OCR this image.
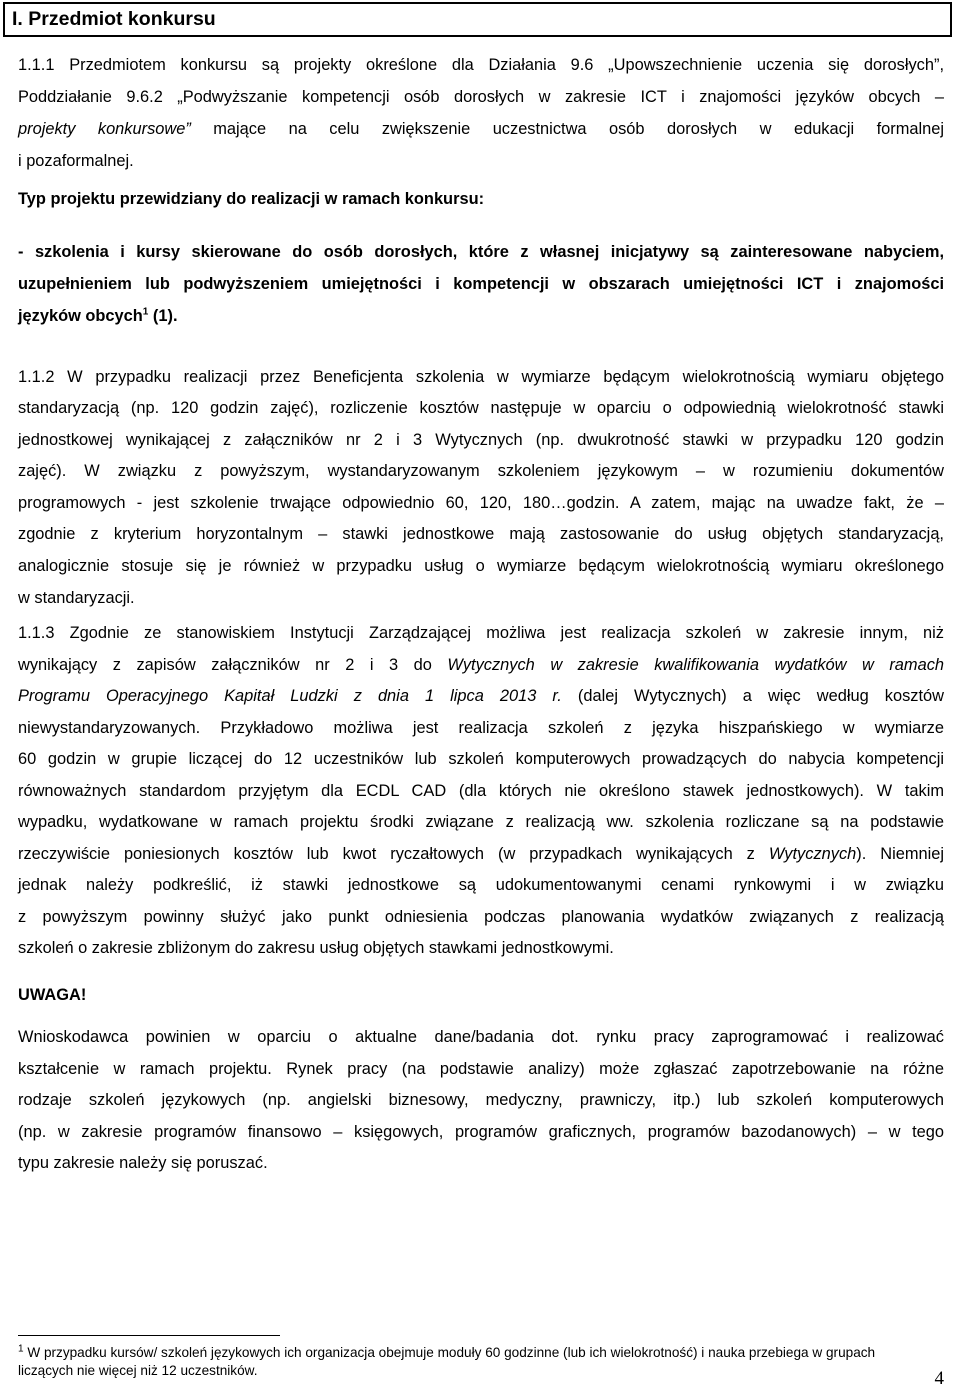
I. Przedmiot konkursu
1.1.1 Przedmiotem konkursu są projekty określone dla Działania 9.6 „Upowszechnienie uczenia się dorosłych”,
Poddziałanie 9.6.2 „Podwyższanie kompetencji osób dorosłych w zakresie ICT i znajomości języków obcych –
projekty konkursowe” mające na celu zwiększenie uczestnictwa osób dorosłych w edukacji formalnej
i pozaformalnej.
Typ projektu przewidziany do realizacji w ramach konkursu:
- szkolenia i kursy skierowane do osób dorosłych, które z własnej inicjatywy są zainteresowane nabyciem,
uzupełnieniem lub podwyższeniem umiejętności i kompetencji w obszarach umiejętności ICT i znajomości
języków obcych$^1$ (1).
1.1.2 W przypadku realizacji przez Beneficjenta szkolenia w wymiarze będącym wielokrotnością wymiaru objętego
standaryzacją (np. 120 godzin zajęć), rozliczenie kosztów następuje w oparciu o odpowiednią wielokrotność stawki
jednostkowej wynikającej z załączników nr 2 i 3 Wytycznych (np. dwukrotność stawki w przypadku 120 godzin
zajęć). W związku z powyższym, wystandaryzowanym szkoleniem językowym – w rozumieniu dokumentów
programowych - jest szkolenie trwające odpowiednio 60, 120, 180…godzin. A zatem, mając na uwadze fakt, że –
zgodnie z kryterium horyzontalnym – stawki jednostkowe mają zastosowanie do usług objętych standaryzacją,
analogicznie stosuje się je również w przypadku usług o wymiarze będącym wielokrotnością wymiaru określonego
w standaryzacji.
1.1.3 Zgodnie ze stanowiskiem Instytucji Zarządzającej możliwa jest realizacja szkoleń w zakresie innym, niż
wynikający z zapisów załączników nr 2 i 3 do Wytycznych w zakresie kwalifikowania wydatków w ramach
Programu Operacyjnego Kapitał Ludzki z dnia 1 lipca 2013 r. (dalej Wytycznych) a więc według kosztów
niewystandaryzowanych. Przykładowo możliwa jest realizacja szkoleń z języka hiszpańskiego w wymiarze
60 godzin w grupie liczącej do 12 uczestników lub szkoleń komputerowych prowadzących do nabycia kompetencji
równoważnych standardom przyjętym dla ECDL CAD (dla których nie określono stawek jednostkowych). W takim
wypadku, wydatkowane w ramach projektu środki związane z realizacją ww. szkolenia rozliczane są na podstawie
rzeczywiście poniesionych kosztów lub kwot ryczałtowych (w przypadkach wynikających z Wytycznych). Niemniej
jednak należy podkreślić, iż stawki jednostkowe są udokumentowanymi cenami rynkowymi i w związku
z powyższym powinny służyć jako punkt odniesienia podczas planowania wydatków związanych z realizacją
szkoleń o zakresie zbliżonym do zakresu usług objętych stawkami jednostkowymi.
UWAGA!
Wnioskodawca powinien w oparciu o aktualne dane/badania dot. rynku pracy zaprogramować i realizować
kształcenie w ramach projektu. Rynek pracy (na podstawie analizy) może zgłaszać zapotrzebowanie na różne
rodzaje szkoleń językowych (np. angielski biznesowy, medyczny, prawniczy, itp.) lub szkoleń komputerowych
(np. w zakresie programów finansowo – księgowych, programów graficznych, programów bazodanowych) – w tego
typu zakresie należy się poruszać.
$^1$ W przypadku kursów/ szkoleń językowych ich organizacja obejmuje moduły 60 godzinne (lub ich wielokrotność) i nauka przebiega w grupach
liczących nie więcej niż 12 uczestników.	4
